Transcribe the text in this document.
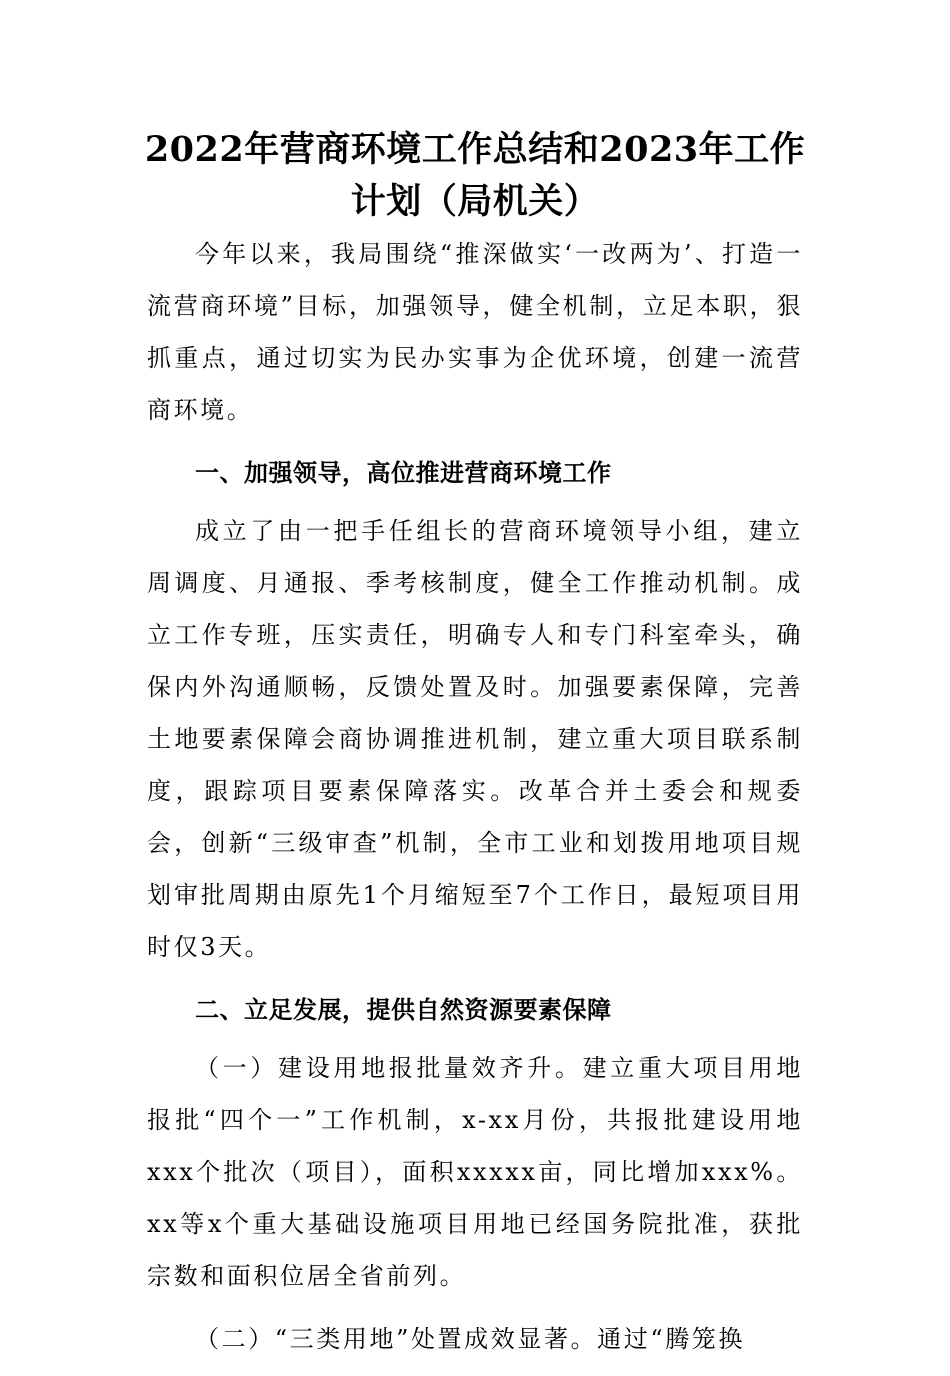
2022年营商环境工作总结和2023年工作计划（局机关）

今年以来，我局围绕“推深做实‘一改两为’、打造一流营商环境”目标，加强领导，健全机制，立足本职，狠抓重点，通过切实为民办实事为企优环境，创建一流营商环境。

一、加强领导，高位推进营商环境工作

成立了由一把手任组长的营商环境领导小组，建立周调度、月通报、季考核制度，健全工作推动机制。成立工作专班，压实责任，明确专人和专门科室牵头，确保内外沟通顺畅，反馈处置及时。加强要素保障，完善土地要素保障会商协调推进机制，建立重大项目联系制度，跟踪项目要素保障落实。改革合并土委会和规委会，创新“三级审查”机制，全市工业和划拨用地项目规划审批周期由原先1个月缩短至7个工作日，最短项目用时仅3天。

二、立足发展，提供自然资源要素保障

（一）建设用地报批量效齐升。建立重大项目用地报批“四个一”工作机制，x-xx月份，共报批建设用地xxx个批次（项目），面积xxxxx亩，同比增加xxx%。xx等x个重大基础设施项目用地已经国务院批准，获批宗数和面积位居全省前列。

（二）“三类用地”处置成效显著。通过“腾笼换
